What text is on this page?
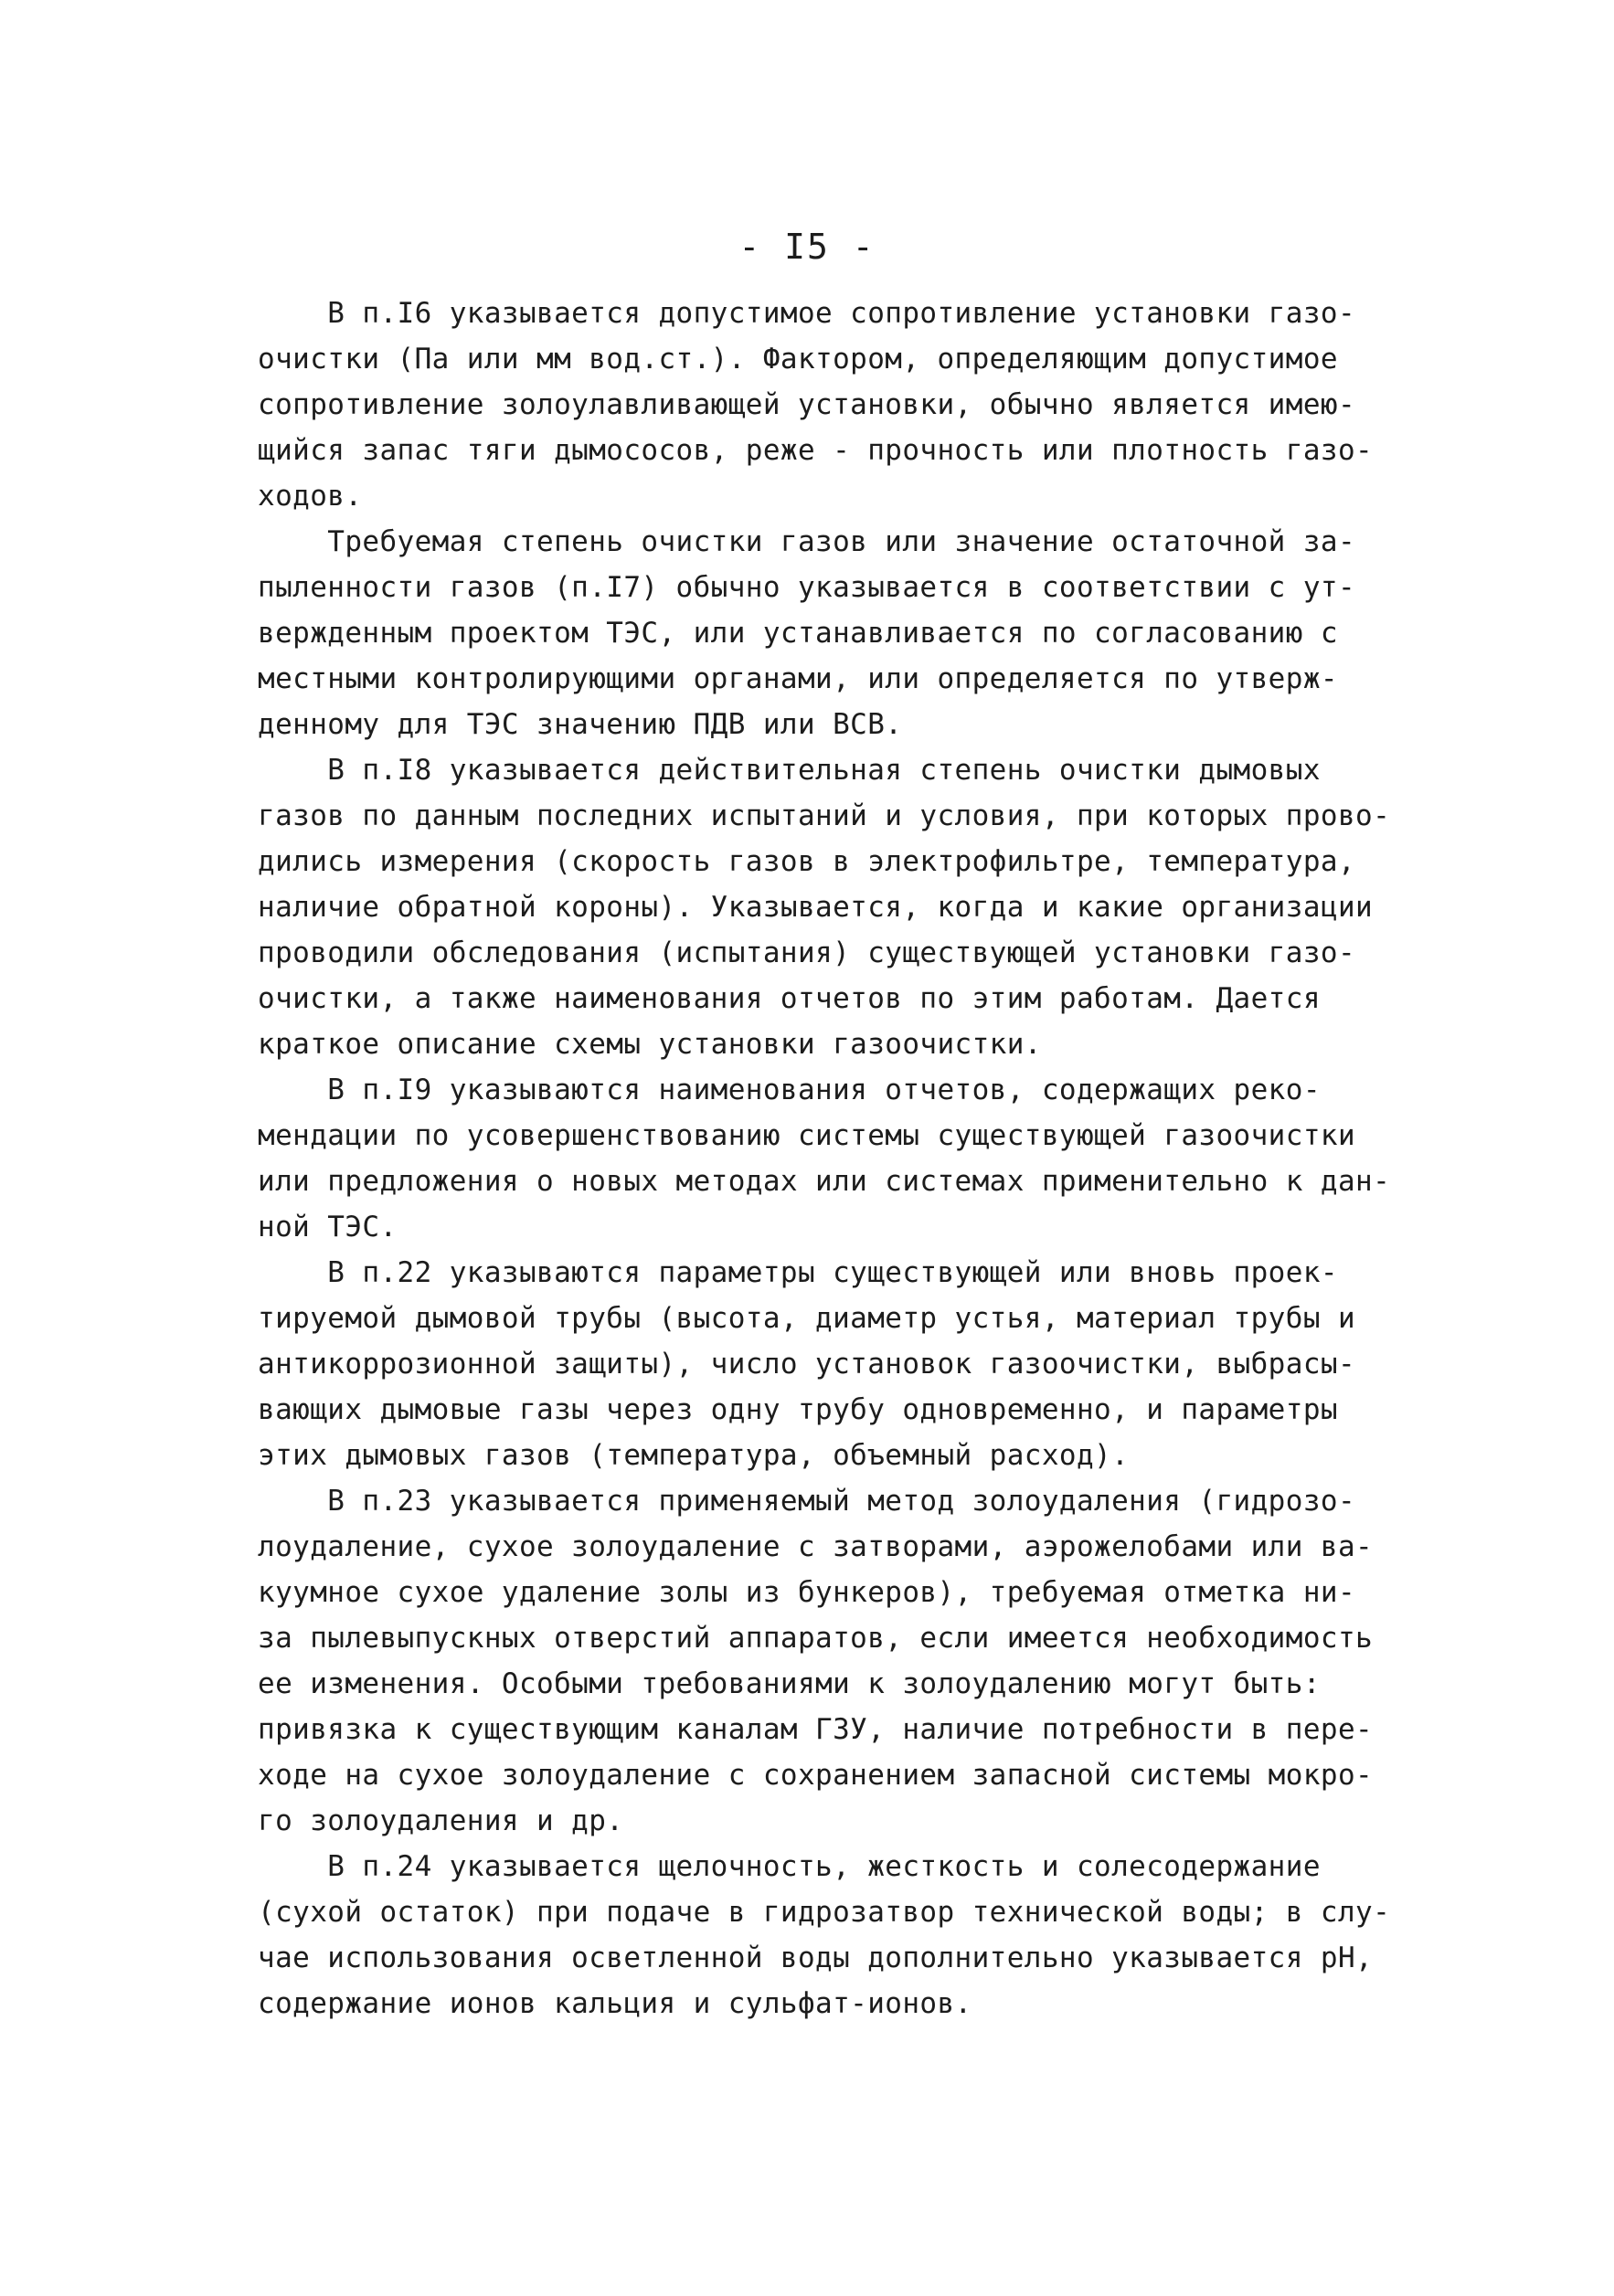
- I5 -
В п.I6 указывается допустимое сопротивление установки газо-
очистки (Па или мм вод.ст.). Фактором, определяющим допустимое
сопротивление золоулавливающей установки, обычно является имею-
щийся запас тяги дымососов, реже - прочность или плотность газо-
ходов.
Требуемая степень очистки газов или значение остаточной за-
пыленности газов (п.I7) обычно указывается в соответствии с ут-
вержденным проектом ТЭС, или устанавливается по согласованию с
местными контролирующими органами, или определяется по утверж-
денному для ТЭС значению ПДВ или ВСВ.
В п.I8 указывается действительная степень очистки дымовых
газов по данным последних испытаний и условия, при которых прово-
дились измерения (скорость газов в электрофильтре, температура,
наличие обратной короны). Указывается, когда и какие организации
проводили обследования (испытания) существующей установки газо-
очистки, а также наименования отчетов по этим работам. Дается
краткое описание схемы установки газоочистки.
В п.I9 указываются наименования отчетов, содержащих реко-
мендации по усовершенствованию системы существующей газоочистки
или предложения о новых методах или системах применительно к дан-
ной ТЭС.
В п.22 указываются параметры существующей или вновь проек-
тируемой дымовой трубы (высота, диаметр устья, материал трубы и
антикоррозионной защиты), число установок газоочистки, выбрасы-
вающих дымовые газы через одну трубу одновременно, и параметры
этих дымовых газов (температура, объемный расход).
В п.23 указывается применяемый метод золоудаления (гидрозо-
лоудаление, сухое золоудаление с затворами, аэрожелобами или ва-
куумное сухое удаление золы из бункеров), требуемая отметка ни-
за пылевыпускных отверстий аппаратов, если имеется необходимость
ее изменения. Особыми требованиями к золоудалению могут быть:
привязка к существующим каналам ГЗУ, наличие потребности в пере-
ходе на сухое золоудаление с сохранением запасной системы мокро-
го золоудаления и др.
В п.24 указывается щелочность, жесткость и солесодержание
(сухой остаток) при подаче в гидрозатвор технической воды; в слу-
чае использования осветленной воды дополнительно указывается pH,
содержание ионов кальция и сульфат-ионов.
